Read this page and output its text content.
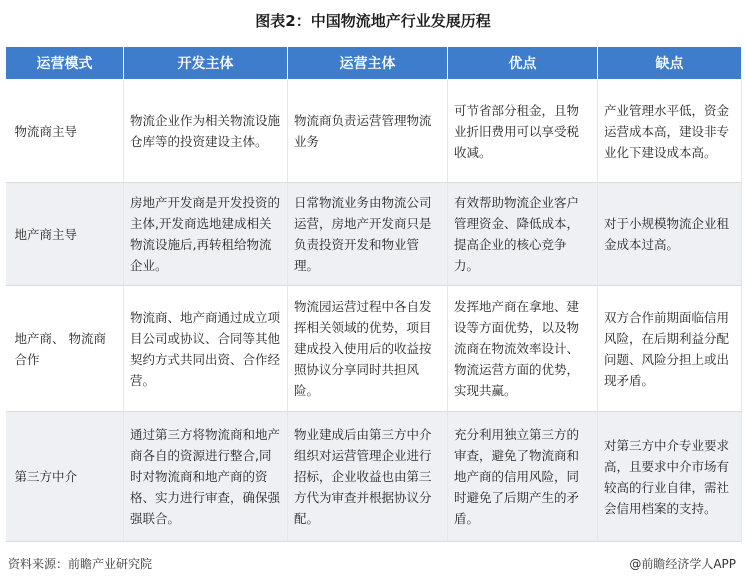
图表2：中国物流地产行业发展历程
运营模式	开发主体	运营主体	优点	缺点
物流商主导	物流企业作为相关物流设施仓库等的投资建设主体。	物流商负责运营管理物流业务	可节省部分租金，且物业折旧费用可以享受税收减。	产业管理水平低，资金运营成本高，建设非专业化下建设成本高。
地产商主导	房地产开发商是开发投资的主体,开发商选地建成相关物流设施后,再转租给物流企业。	日常物流业务由物流公司运营，房地产开发商只是负责投资开发和物业管理。	有效帮助物流企业客户管理资金、降低成本，提高企业的核心竞争力。	对于小规模物流企业租金成本过高。
地产商、 物流商合作	物流商、地产商通过成立项目公司或协议、合同等其他契约方式共同出资、合作经营。	物流园运营过程中各自发挥相关领域的优势，项目建成投入使用后的收益按照协议分享同时共担风险。	发挥地产商在拿地、建设等方面优势，以及物流商在物流效率设计、物流运营方面的优势，实现共赢。	双方合作前期面临信用风险，在后期利益分配问题、风险分担上或出现矛盾。
第三方中介	通过第三方将物流商和地产商各自的资源进行整合,同时对物流商和地产商的资格、实力进行审查，确保强强联合。	物业建成后由第三方中介组织对运营管理企业进行招标，企业收益也由第三方代为审查并根据协议分配。	充分利用独立第三方的审查，避免了物流商和地产商的信用风险，同时避免了后期产生的矛盾。	对第三方中介专业要求高，且要求中介市场有较高的行业自律，需社会信用档案的支持。
资料来源：前瞻产业研究院	@前瞻经济学人APP
